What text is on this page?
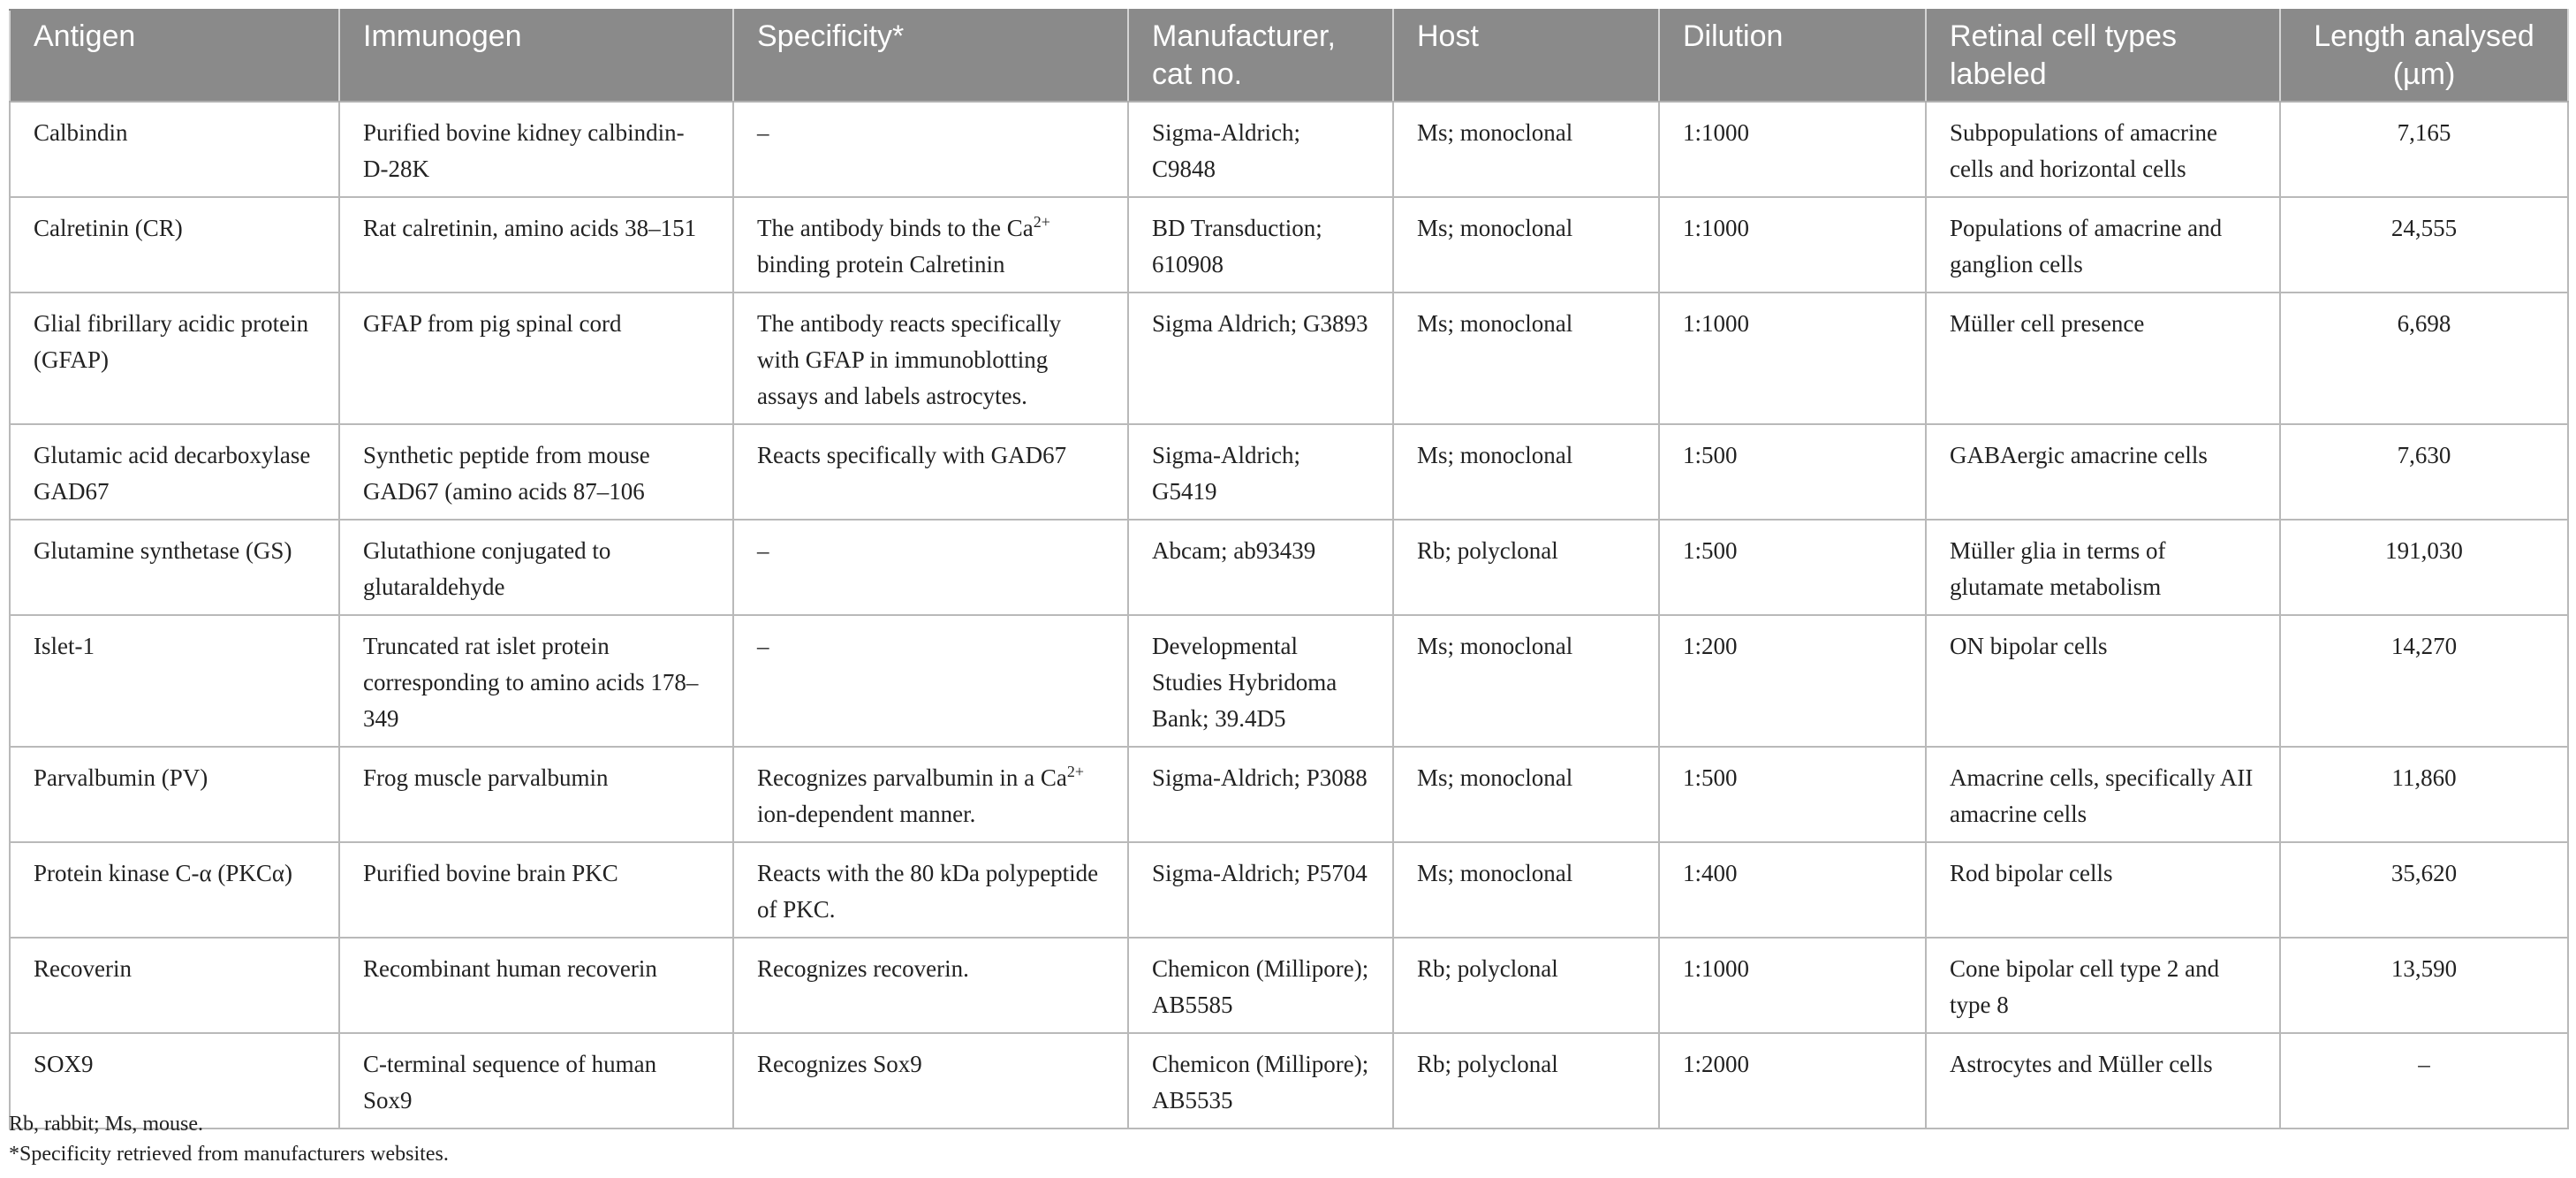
Antigen	Immunogen	Specificity*	Manufacturer, cat no.	Host	Dilution	Retinal cell types labeled	Length analysed (µm)
Calbindin	Purified bovine kidney calbindin-D-28K	–	Sigma-Aldrich; C9848	Ms; monoclonal	1:1000	Subpopulations of amacrine cells and horizontal cells	7,165
Calretinin (CR)	Rat calretinin, amino acids 38–151	The antibody binds to the $Ca^{2+}$ binding protein Calretinin	BD Transduction; 610908	Ms; monoclonal	1:1000	Populations of amacrine and ganglion cells	24,555
Glial fibrillary acidic protein (GFAP)	GFAP from pig spinal cord	The antibody reacts specifically with GFAP in immunoblotting assays and labels astrocytes.	Sigma Aldrich; G3893	Ms; monoclonal	1:1000	Müller cell presence	6,698
Glutamic acid decarboxylase GAD67	Synthetic peptide from mouse GAD67 (amino acids 87–106	Reacts specifically with GAD67	Sigma-Aldrich; G5419	Ms; monoclonal	1:500	GABAergic amacrine cells	7,630
Glutamine synthetase (GS)	Glutathione conjugated to glutaraldehyde	–	Abcam; ab93439	Rb; polyclonal	1:500	Müller glia in terms of glutamate metabolism	191,030
Islet-1	Truncated rat islet protein corresponding to amino acids 178–349	–	Developmental Studies Hybridoma Bank; 39.4D5	Ms; monoclonal	1:200	ON bipolar cells	14,270
Parvalbumin (PV)	Frog muscle parvalbumin	Recognizes parvalbumin in a $Ca^{2+}$ ion-dependent manner.	Sigma-Aldrich; P3088	Ms; monoclonal	1:500	Amacrine cells, specifically AII amacrine cells	11,860
Protein kinase C-α (PKCα)	Purified bovine brain PKC	Reacts with the 80 kDa polypeptide of PKC.	Sigma-Aldrich; P5704	Ms; monoclonal	1:400	Rod bipolar cells	35,620
Recoverin	Recombinant human recoverin	Recognizes recoverin.	Chemicon (Millipore); AB5585	Rb; polyclonal	1:1000	Cone bipolar cell type 2 and type 8	13,590
SOX9	C-terminal sequence of human Sox9	Recognizes Sox9	Chemicon (Millipore); AB5535	Rb; polyclonal	1:2000	Astrocytes and Müller cells	–
Rb, rabbit; Ms, mouse.
*Specificity retrieved from manufacturers websites.
